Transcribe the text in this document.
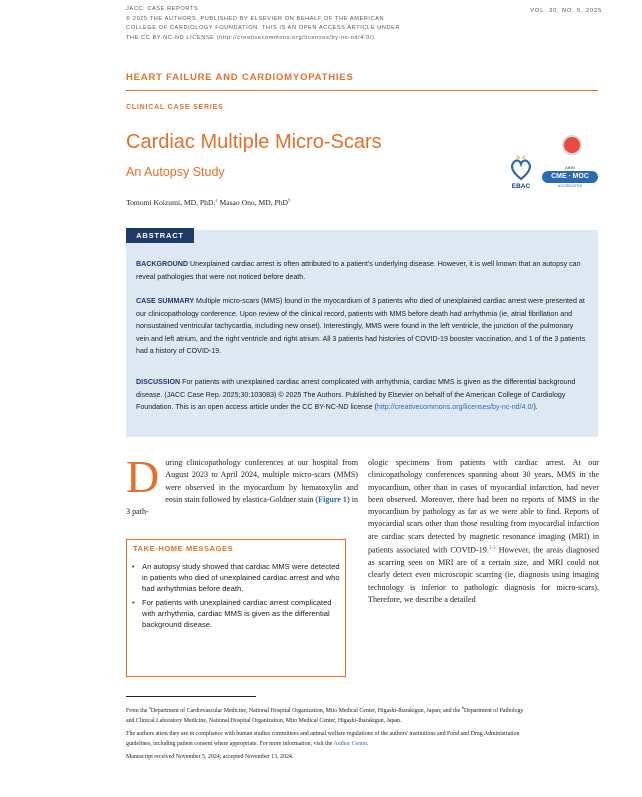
JACC: CASE REPORTS
© 2025 THE AUTHORS. PUBLISHED BY ELSEVIER ON BEHALF OF THE AMERICAN
COLLEGE OF CARDIOLOGY FOUNDATION. THIS IS AN OPEN ACCESS ARTICLE UNDER
THE CC BY-NC-ND LICENSE (http://creativecommons.org/licenses/by-nc-nd/4.0/).
VOL. 30, NO. 5, 2025
HEART FAILURE AND CARDIOMYOPATHIES
CLINICAL CASE SERIES
Cardiac Multiple Micro-Scars
An Autopsy Study
Tomomi Koizumi, MD, PhD,$^a$ Masao Ono, MD, PhD$^b$
EBAC
ABIM
CME ∙ MOC
ACCREDITED
ABSTRACT
BACKGROUND Unexplained cardiac arrest is often attributed to a patient's underlying disease. However, it is well known that an autopsy can reveal pathologies that were not noticed before death.
CASE SUMMARY Multiple micro-scars (MMS) found in the myocardium of 3 patients who died of unexplained cardiac arrest were presented at our clinicopathology conference. Upon review of the clinical record, patients with MMS before death had arrhythmia (ie, atrial fibrillation and nonsustained ventricular tachycardia, including new onset). Interestingly, MMS were found in the left ventricle, the junction of the pulmonary vein and left atrium, and the right ventricle and right atrium. All 3 patients had histories of COVID-19 booster vaccination, and 1 of the 3 patients had a history of COVID-19.
DISCUSSION For patients with unexplained cardiac arrest complicated with arrhythmia, cardiac MMS is given as the differential background disease. (JACC Case Rep. 2025;30:103083) © 2025 The Authors. Published by Elsevier on behalf of the American College of Cardiology Foundation. This is an open access article under the CC BY-NC-ND license (http://creativecommons.org/licenses/by-nc-nd/4.0/).
During clinicopathology conferences at our hospital from August 2023 to April 2024, multiple micro-scars (MMS) were observed in the myocardium by hematoxylin and eosin stain followed by elastica-Goldner stain (Figure 1) in 3 path-
TAKE-HOME MESSAGES
• An autopsy study showed that cardiac MMS were detected in patients who died of unexplained cardiac arrest and who had arrhythmias before death.
• For patients with unexplained cardiac arrest complicated with arrhythmia, cardiac MMS is given as the differential background disease.
ologic specimens from patients with cardiac arrest. At our clinicopathology conferences spanning about 30 years, MMS in the myocardium, other than in cases of myocardial infarction, had never been observed. Moreover, there had been no reports of MMS in the myocardium by pathology as far as we were able to find. Reports of myocardial scars other than those resulting from myocardial infarction are cardiac scars detected by magnetic resonance imaging (MRI) in patients associated with COVID-19.$^{1-3}$ However, the areas diagnosed as scarring seen on MRI are of a certain size, and MRI could not clearly detect even microscopic scarring (ie, diagnosis using imaging technology is inferior to pathologic diagnosis for micro-scars). Therefore, we describe a detailed

From the $^a$Department of Cardiovascular Medicine, National Hospital Organization, Mito Medical Center, Higashi-Ibarakigun, Japan; and the $^b$Department of Pathology and Clinical Laboratory Medicine, National Hospital Organization, Mito Medical Center, Higashi-Ibarakigun, Japan.

The authors attest they are in compliance with human studies committees and animal welfare regulations of the authors' institutions and Food and Drug Administration guidelines, including patient consent where appropriate. For more information, visit the Author Center.

Manuscript received November 5, 2024; accepted November 13, 2024.
